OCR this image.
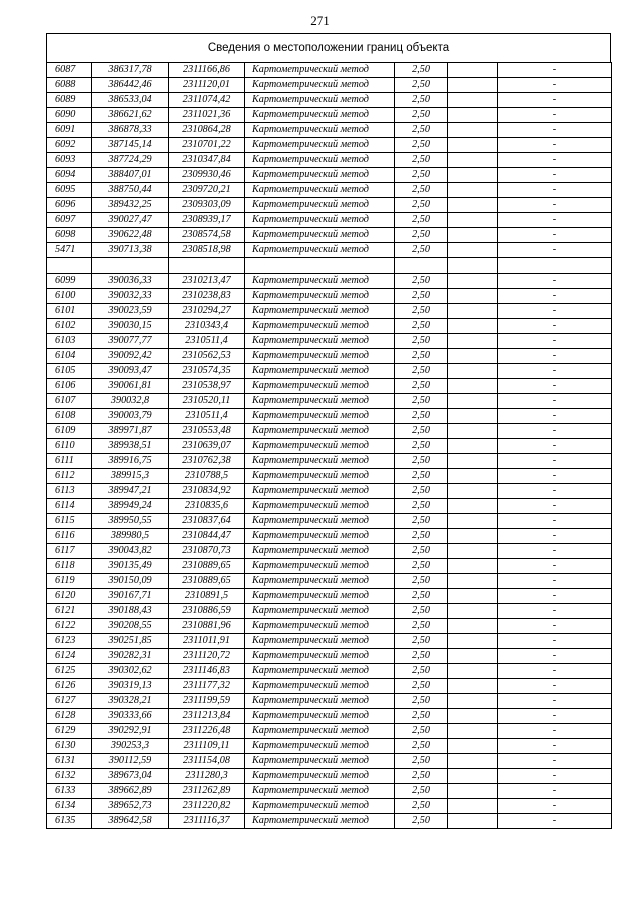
271
Сведения о местоположении границ объекта
6087	386317,78	2311166,86	Картометрический метод	2,50		-
6088	386442,46	2311120,01	Картометрический метод	2,50		-
6089	386533,04	2311074,42	Картометрический метод	2,50		-
6090	386621,62	2311021,36	Картометрический метод	2,50		-
6091	386878,33	2310864,28	Картометрический метод	2,50		-
6092	387145,14	2310701,22	Картометрический метод	2,50		-
6093	387724,29	2310347,84	Картометрический метод	2,50		-
6094	388407,01	2309930,46	Картометрический метод	2,50		-
6095	388750,44	2309720,21	Картометрический метод	2,50		-
6096	389432,25	2309303,09	Картометрический метод	2,50		-
6097	390027,47	2308939,17	Картометрический метод	2,50		-
6098	390622,48	2308574,58	Картометрический метод	2,50		-
5471	390713,38	2308518,98	Картометрический метод	2,50		-

6099	390036,33	2310213,47	Картометрический метод	2,50		-
6100	390032,33	2310238,83	Картометрический метод	2,50		-
6101	390023,59	2310294,27	Картометрический метод	2,50		-
6102	390030,15	2310343,4	Картометрический метод	2,50		-
6103	390077,77	2310511,4	Картометрический метод	2,50		-
6104	390092,42	2310562,53	Картометрический метод	2,50		-
6105	390093,47	2310574,35	Картометрический метод	2,50		-
6106	390061,81	2310538,97	Картометрический метод	2,50		-
6107	390032,8	2310520,11	Картометрический метод	2,50		-
6108	390003,79	2310511,4	Картометрический метод	2,50		-
6109	389971,87	2310553,48	Картометрический метод	2,50		-
6110	389938,51	2310639,07	Картометрический метод	2,50		-
6111	389916,75	2310762,38	Картометрический метод	2,50		-
6112	389915,3	2310788,5	Картометрический метод	2,50		-
6113	389947,21	2310834,92	Картометрический метод	2,50		-
6114	389949,24	2310835,6	Картометрический метод	2,50		-
6115	389950,55	2310837,64	Картометрический метод	2,50		-
6116	389980,5	2310844,47	Картометрический метод	2,50		-
6117	390043,82	2310870,73	Картометрический метод	2,50		-
6118	390135,49	2310889,65	Картометрический метод	2,50		-
6119	390150,09	2310889,65	Картометрический метод	2,50		-
6120	390167,71	2310891,5	Картометрический метод	2,50		-
6121	390188,43	2310886,59	Картометрический метод	2,50		-
6122	390208,55	2310881,96	Картометрический метод	2,50		-
6123	390251,85	2311011,91	Картометрический метод	2,50		-
6124	390282,31	2311120,72	Картометрический метод	2,50		-
6125	390302,62	2311146,83	Картометрический метод	2,50		-
6126	390319,13	2311177,32	Картометрический метод	2,50		-
6127	390328,21	2311199,59	Картометрический метод	2,50		-
6128	390333,66	2311213,84	Картометрический метод	2,50		-
6129	390292,91	2311226,48	Картометрический метод	2,50		-
6130	390253,3	2311109,11	Картометрический метод	2,50		-
6131	390112,59	2311154,08	Картометрический метод	2,50		-
6132	389673,04	2311280,3	Картометрический метод	2,50		-
6133	389662,89	2311262,89	Картометрический метод	2,50		-
6134	389652,73	2311220,82	Картометрический метод	2,50		-
6135	389642,58	2311116,37	Картометрический метод	2,50		-
